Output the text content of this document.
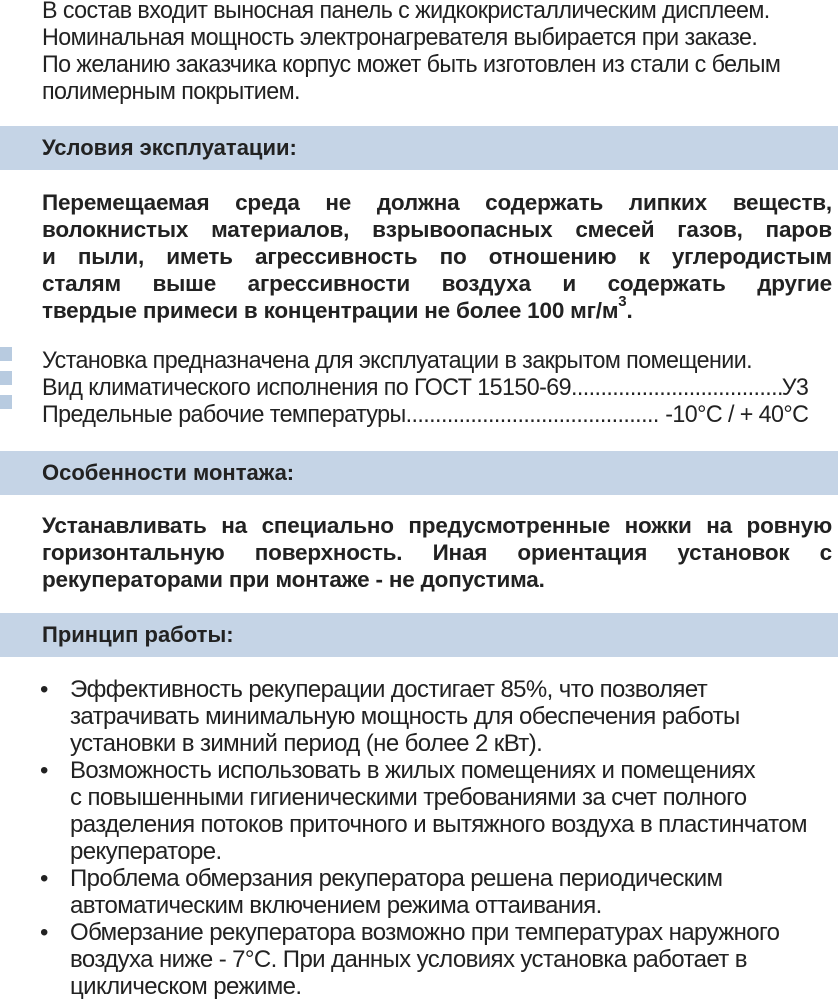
В состав входит выносная панель с жидкокристаллическим дисплеем.
Номинальная мощность электронагревателя выбирается при заказе.
По желанию заказчика корпус может быть изготовлен из стали с белым
полимерным покрытием.
Условия эксплуатации:
Перемещаемая среда не должна содержать липких веществ,
волокнистых материалов, взрывоопасных смесей газов, паров
и пыли, иметь агрессивность по отношению к углеродистым
сталям выше агрессивности воздуха и содержать другие
твердые примеси в концентрации не более 100 $мг/м^3$.
Установка предназначена для эксплуатации в закрытом помещении.
Вид климатического исполнения по ГОСТ 15150-69 .....	У3
Предельные рабочие температуры .....	-10°С / + 40°С
Особенности монтажа:
Устанавливать на специально предусмотренные ножки на ровную
горизонтальную поверхность. Иная ориентация установок с
рекуператорами при монтаже - не допустима.
Принцип работы:
• Эффективность рекуперации достигает 85%, что позволяет
затрачивать минимальную мощность для обеспечения работы
установки в зимний период (не более 2 кВт).
• Возможность использовать в жилых помещениях и помещениях
с повышенными гигиеническими требованиями за счет полного
разделения потоков приточного и вытяжного воздуха в пластинчатом
рекуператоре.
• Проблема обмерзания рекуператора решена периодическим
автоматическим включением режима оттаивания.
• Обмерзание рекуператора возможно при температурах наружного
воздуха ниже - 7°С. При данных условиях установка работает в
циклическом режиме.
